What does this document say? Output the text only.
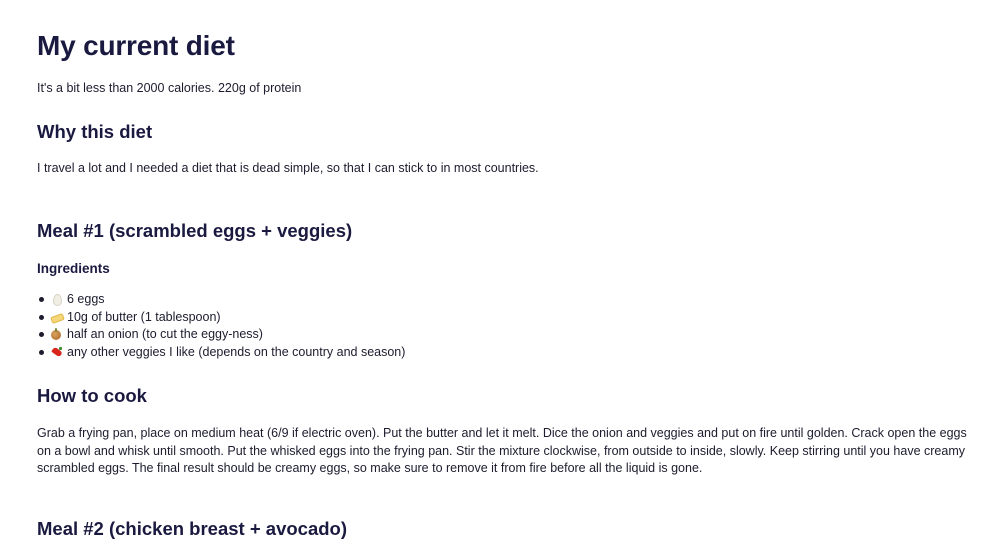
My current diet

It's a bit less than 2000 calories. 220g of protein

Why this diet

I travel a lot and I needed a diet that is dead simple, so that I can stick to in most countries.

Meal #1 (scrambled eggs + veggies)
Ingredients
6 eggs
10g of butter (1 tablespoon)
half an onion (to cut the eggy-ness)
any other veggies I like (depends on the country and season)
How to cook

Grab a frying pan, place on medium heat (6/9 if electric oven). Put the butter and let it melt. Dice the onion and veggies and put on fire until golden. Crack open the eggs on a bowl and whisk until smooth. Put the whisked eggs into the frying pan. Stir the mixture clockwise, from outside to inside, slowly. Keep stirring until you have creamy scrambled eggs. The final result should be creamy eggs, so make sure to remove it from fire before all the liquid is gone.

Meal #2 (chicken breast + avocado)
